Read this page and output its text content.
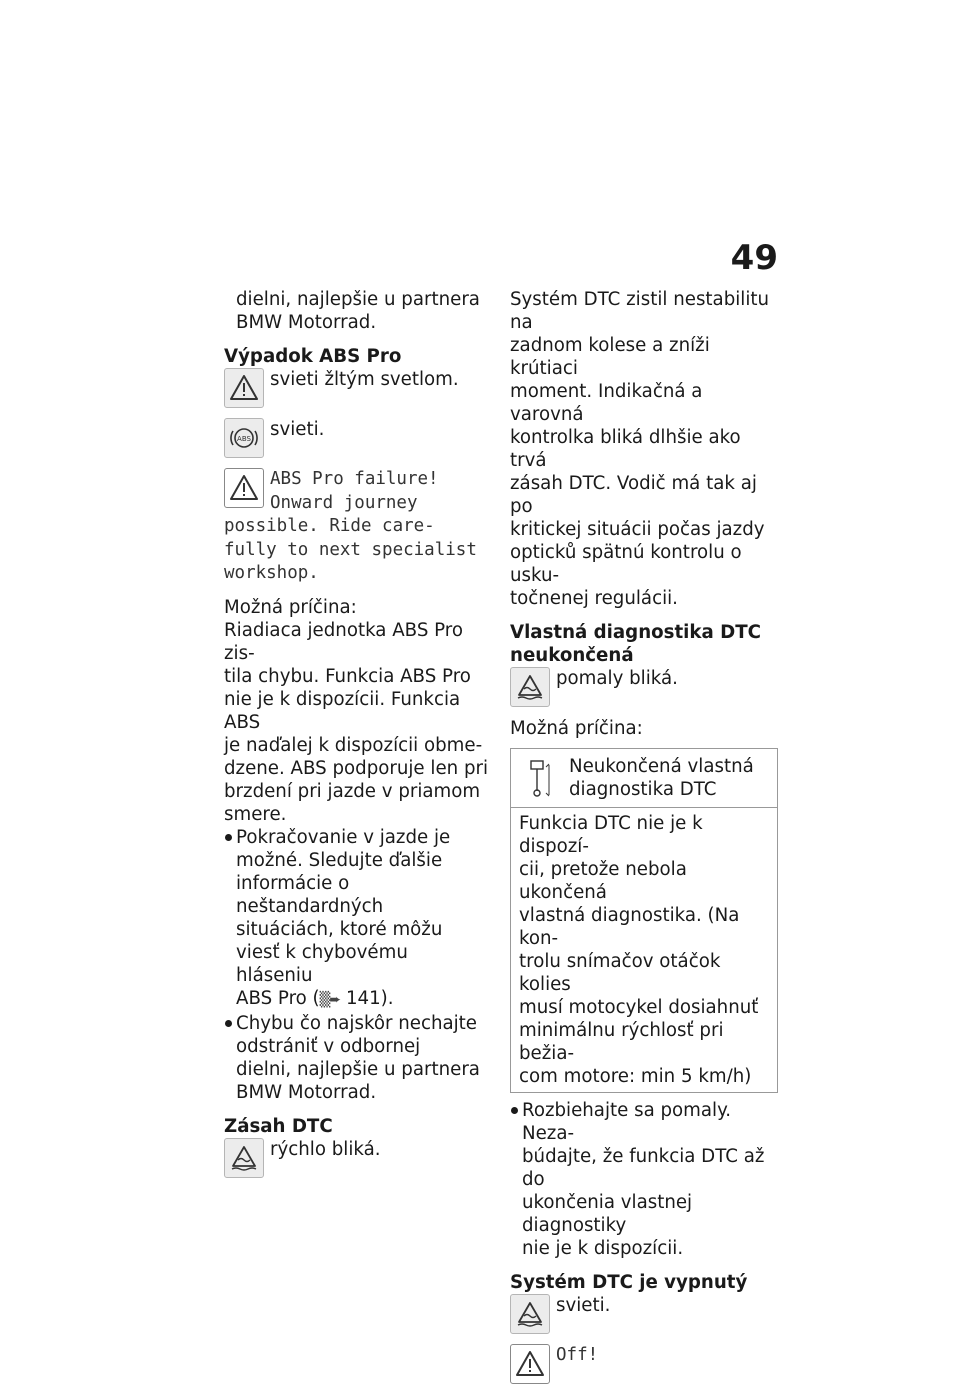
49

dielni, najlepšie u partnera

BMW Motorrad.

Výpadok ABS Pro

svieti žltým svetlom.
ABS svieti.
ABS Pro failure!
Onward journey
possible. Ride care-
fully to next specialist
workshop.

Možná príčina:

Riadiaca jednotka ABS Pro zis-

tila chybu. Funkcia ABS Pro

nie je k dispozícii. Funkcia ABS

je naďalej k dispozícii obme-

dzene. ABS podporuje len pri

brzdení pri jazde v priamom

smere.

Pokračovanie v jazde je
možné. Sledujte ďalšie
informácie o neštandardných
situáciách, ktoré môžu
viesť k chybovému hláseniu
ABS Pro (▒➨ 141).
Chybu čo najskôr nechajte
odstrániť v odbornej
dielni, najlepšie u partnera
BMW Motorrad.

Zásah DTC

rýchlo bliká.

Systém DTC zistil nestabilitu na

zadnom kolese a zníži krútiaci

moment. Indikačná a varovná

kontrolka bliká dlhšie ako trvá

zásah DTC. Vodič má tak aj po

kritickej situácii počas jazdy

opticků spätnú kontrolu o usku-

točnenej regulácii.

Vlastná diagnostika DTC
neukončená
pomaly bliká.

Možná príčina:

Neukončená vlastná
diagnostika DTC
Funkcia DTC nie je k dispozí-
cii, pretože nebola ukončená
vlastná diagnostika. (Na kon-
trolu snímačov otáčok kolies
musí motocykel dosiahnuť
minimálnu rýchlosť pri bežia-
com motore: min 5 km/h)
Rozbiehajte sa pomaly. Neza-
búdajte, že funkcia DTC až do
ukončenia vlastnej diagnostiky
nie je k dispozícii.

Systém DTC je vypnutý

svieti.
Off!
